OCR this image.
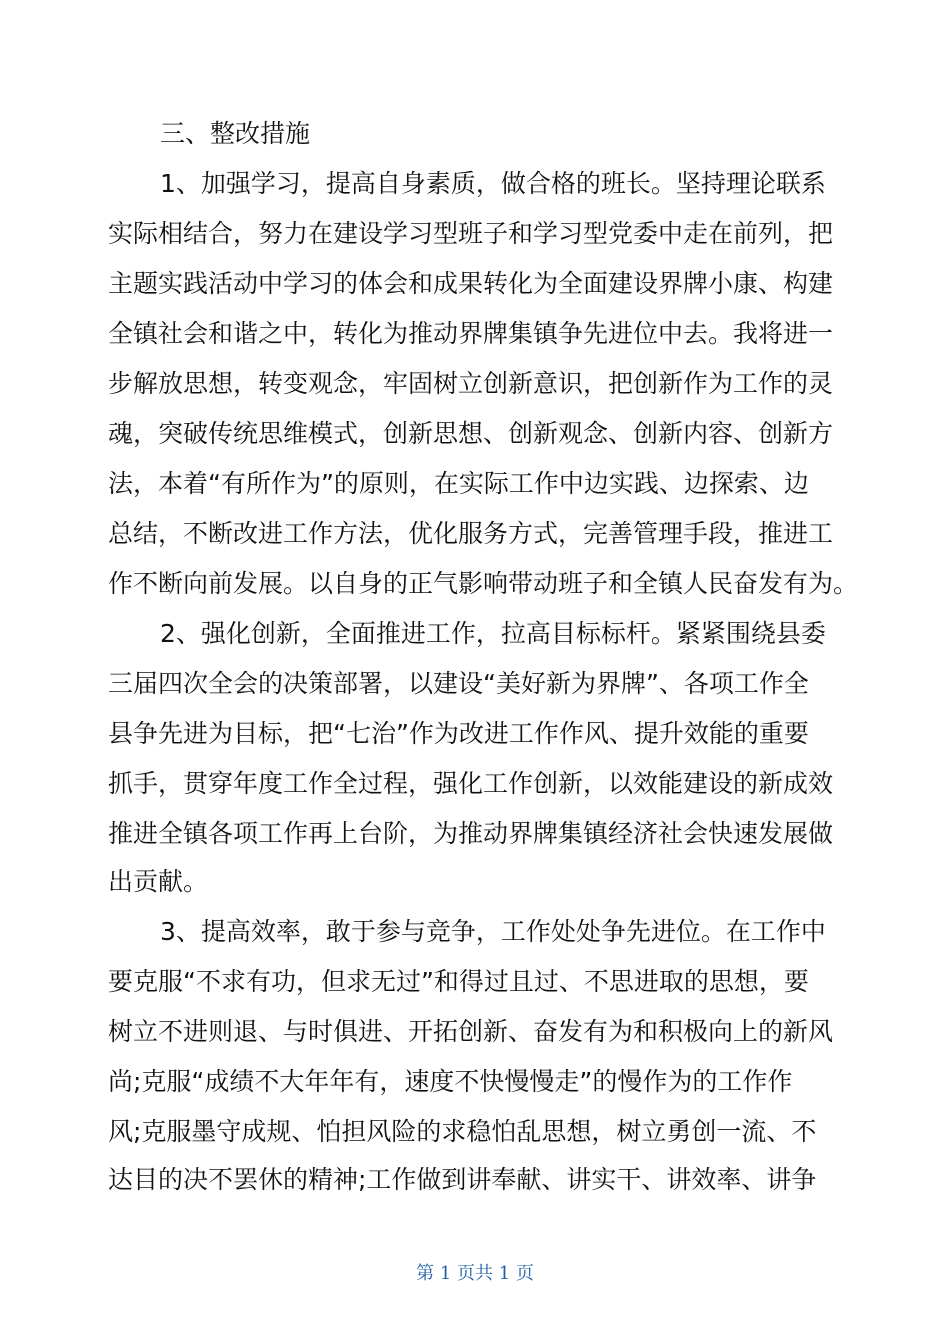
三、整改措施
1、加强学习，提高自身素质，做合格的班长。坚持理论联系
实际相结合，努力在建设学习型班子和学习型党委中走在前列，把
主题实践活动中学习的体会和成果转化为全面建设界牌小康、构建
全镇社会和谐之中，转化为推动界牌集镇争先进位中去。我将进一
步解放思想，转变观念，牢固树立创新意识，把创新作为工作的灵
魂，突破传统思维模式，创新思想、创新观念、创新内容、创新方
法，本着“有所作为”的原则，在实际工作中边实践、边探索、边
总结，不断改进工作方法，优化服务方式，完善管理手段，推进工
作不断向前发展。以自身的正气影响带动班子和全镇人民奋发有为。
2、强化创新，全面推进工作，拉高目标标杆。紧紧围绕县委
三届四次全会的决策部署，以建设“美好新为界牌”、各项工作全
县争先进为目标，把“七治”作为改进工作作风、提升效能的重要
抓手，贯穿年度工作全过程，强化工作创新，以效能建设的新成效
推进全镇各项工作再上台阶，为推动界牌集镇经济社会快速发展做
出贡献。
3、提高效率，敢于参与竞争，工作处处争先进位。在工作中
要克服“不求有功，但求无过”和得过且过、不思进取的思想，要
树立不进则退、与时俱进、开拓创新、奋发有为和积极向上的新风
尚;克服“成绩不大年年有，速度不快慢慢走”的慢作为的工作作
风;克服墨守成规、怕担风险的求稳怕乱思想，树立勇创一流、不
达目的决不罢休的精神;工作做到讲奉献、讲实干、讲效率、讲争
第 1 页共 1 页
